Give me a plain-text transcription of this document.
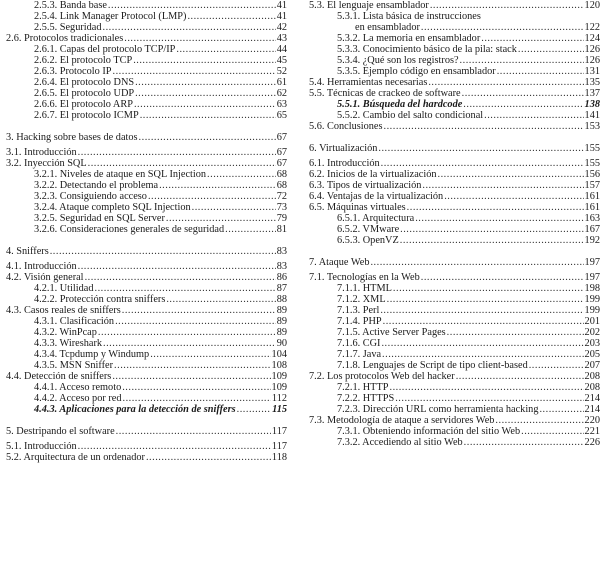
2.5.3. Banda base .....	41
2.5.4. Link Manager Protocol (LMP) .....	41
2.5.5. Seguridad .....	42
2.6. Protocolos tradicionales .....	43
2.6.1. Capas del protocolo TCP/IP .....	44
2.6.2. El protocolo TCP .....	45
2.6.3. Protocolo IP .....	52
2.6.4. El protocolo DNS .....	61
2.6.5. El protocolo UDP .....	62
2.6.6. El protocolo ARP .....	63
2.6.7. El protocolo ICMP .....	65
3. Hacking sobre bases de datos .....	67
3.1. Introducción .....	67
3.2. Inyección SQL .....	67
3.2.1. Niveles de ataque en SQL Injection .....	68
3.2.2. Detectando el problema .....	68
3.2.3. Consiguiendo acceso .....	72
3.2.4. Ataque completo SQL Injection .....	73
3.2.5. Seguridad en SQL Server .....	79
3.2.6. Consideraciones generales de seguridad .....	81
4. Sniffers .....	83
4.1. Introducción .....	83
4.2. Visión general .....	86
4.2.1. Utilidad .....	87
4.2.2. Protección contra sniffers .....	88
4.3. Casos reales de sniffers .....	89
4.3.1. Clasificación .....	89
4.3.2. WinPcap .....	89
4.3.3. Wireshark .....	90
4.3.4. Tcpdump y Windump .....	104
4.3.5. MSN Sniffer .....	108
4.4. Detección de sniffers .....	109
4.4.1. Acceso remoto .....	109
4.4.2. Acceso por red .....	112
4.4.3. Aplicaciones para la detección de sniffers .....	115
5. Destripando el software .....	117
5.1. Introducción .....	117
5.2. Arquitectura de un ordenador .....	118
5.3. El lenguaje ensamblador .....	120
5.3.1. Lista básica de instrucciones
en ensamblador .....	122
5.3.2. La memoria en ensamblador .....	124
5.3.3. Conocimiento básico de la pila: stack .....	126
5.3.4. ¿Qué son los registros? .....	126
5.3.5. Ejemplo código en ensamblador .....	131
5.4. Herramientas necesarias .....	135
5.5. Técnicas de crackeo de software .....	137
5.5.1. Búsqueda del hardcode .....	138
5.5.2. Cambio del salto condicional .....	141
5.6. Conclusiones .....	153
6. Virtualización .....	155
6.1. Introducción .....	155
6.2. Inicios de la virtualización .....	156
6.3. Tipos de virtualización .....	157
6.4. Ventajas de la virtualización .....	161
6.5. Máquinas virtuales .....	161
6.5.1. Arquitectura .....	163
6.5.2. VMware .....	167
6.5.3. OpenVZ .....	192
7. Ataque Web .....	197
7.1. Tecnologías en la Web .....	197
7.1.1. HTML .....	198
7.1.2. XML .....	199
7.1.3. Perl .....	199
7.1.4. PHP .....	201
7.1.5. Active Server Pages .....	202
7.1.6. CGI .....	203
7.1.7. Java .....	205
7.1.8. Lenguajes de Script de tipo client-based .....	207
7.2. Los protocolos Web del hacker .....	208
7.2.1. HTTP .....	208
7.2.2. HTTPS .....	214
7.2.3. Dirección URL como herramienta hacking .....	214
7.3. Metodología de ataque a servidores Web .....	220
7.3.1. Obteniendo información del sitio Web .....	221
7.3.2. Accediendo al sitio Web .....	226
